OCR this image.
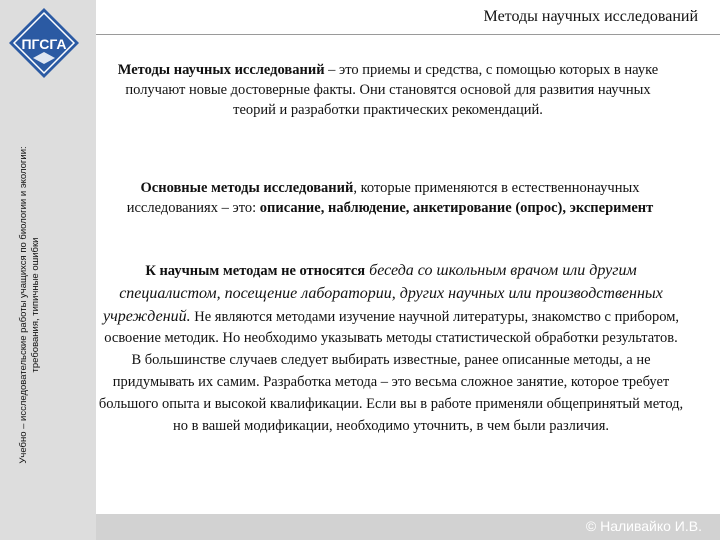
ПГСГА
Учебно – исследовательские работы учащихся по биологии и экологии: требования, типичные ошибки
Методы научных исследований
Методы научных исследований – это приемы и средства, с помощью которых в науке получают новые достоверные факты. Они становятся основой для развития научных теорий и разработки практических рекомендаций.
Основные методы исследований, которые применяются в естественнонаучных исследованиях – это: описание, наблюдение, анкетирование (опрос), эксперимент
К научным методам не относятся беседа со школьным врачом или другим специалистом, посещение лаборатории, других научных или производственных учреждений. Не являются методами изучение научной литературы, знакомство с прибором, освоение методик. Но необходимо указывать методы статистической обработки результатов. В большинстве случаев следует выбирать известные, ранее описанные методы, а не придумывать их самим. Разработка метода – это весьма сложное занятие, которое требует большого опыта и высокой квалификации. Если вы в работе применяли общепринятый метод, но в вашей модификации, необходимо уточнить, в чем были различия.
© Наливайко И.В.
